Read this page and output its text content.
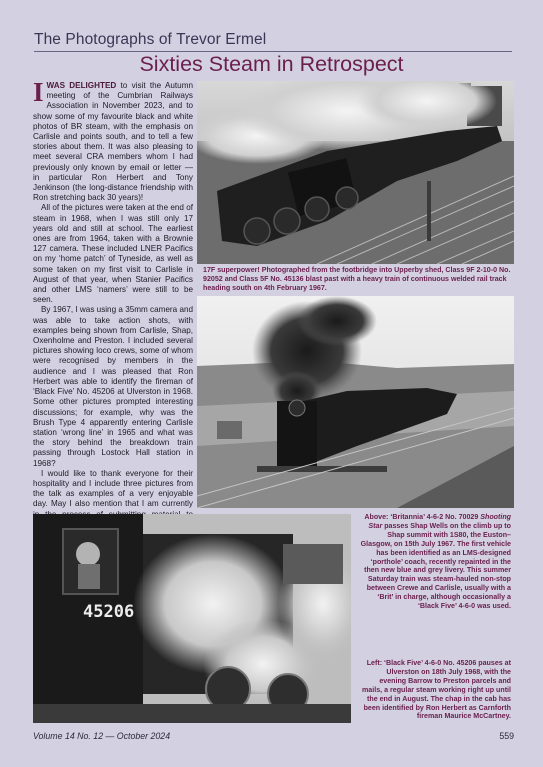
The Photographs of Trevor Ermel
Sixties Steam in Retrospect

IWAS DELIGHTED to visit the Autumn meeting of the Cumbrian Railways Association in November 2023, and to show some of my favourite black and white photos of BR steam, with the emphasis on Carlisle and points south, and to tell a few stories about them. It was also pleasing to meet several CRA members whom I had previously only known by email or letter — in particular Ron Herbert and Tony Jenkinson (the long-distance friendship with Ron stretching back 30 years)!

All of the pictures were taken at the end of steam in 1968, when I was still only 17 years old and still at school. The earliest ones are from 1964, taken with a Brownie 127 camera. These included LNER Pacifics on my ‘home patch’ of Tyneside, as well as some taken on my first visit to Carlisle in August of that year, when Stanier Pacifics and other LMS ‘namers’ were still to be seen.

By 1967, I was using a 35mm camera and was able to take action shots, with examples being shown from Carlisle, Shap, Oxenholme and Preston. I included several pictures showing loco crews, some of whom were recognised by members in the audience and I was pleased that Ron Herbert was able to identify the fireman of ‘Black Five’ No. 45206 at Ulverston in 1968. Some other pictures prompted interesting discussions; for example, why was the Brush Type 4 apparently entering Carlisle station ‘wrong line’ in 1965 and what was the story behind the breakdown train passing through Lostock Hall station in 1968?

I would like to thank everyone for their hospitality and I include three pictures from the talk as examples of a very enjoyable day. May I also mention that I am currently

17F superpower! Photographed from the footbridge into Upperby shed, Class 9F 2-10-0 No. 92052 and Class 5F No. 45136 blast past with a heavy train of continuous welded rail track heading south on 4th February 1967.
45206
Above: ‘Britannia’ 4-6-2 No. 70029 Shooting Star passes Shap Wells on the climb up to Shap summit with 1S80, the Euston–Glasgow, on 15th July 1967. The first vehicle has been identified as an LMS-designed ‘porthole’ coach, recently repainted in the then new blue and grey livery. This summer Saturday train was steam-hauled non-stop between Crewe and Carlisle, usually with a ‘Brit’ in charge, although occasionally a ‘Black Five’ 4-6-0 was used.
Left: ‘Black Five’ 4-6-0 No. 45206 pauses at Ulverston on 18th July 1968, with the evening Barrow to Preston parcels and mails, a regular steam working right up until the end in August. The chap in the cab has been identified by Ron Herbert as Carnforth fireman Maurice McCartney.
Volume 14 No. 12 — October 2024	559
